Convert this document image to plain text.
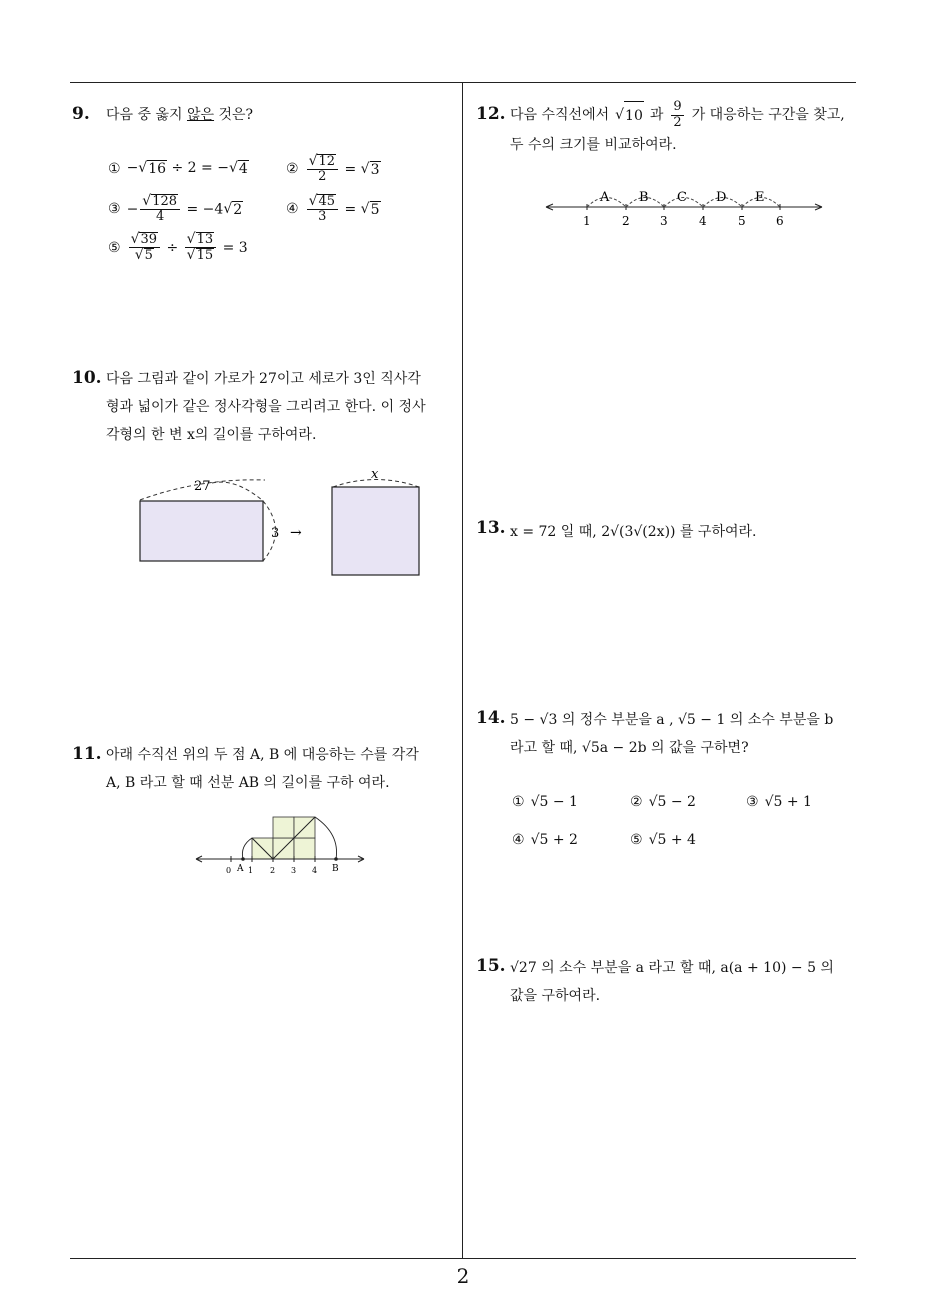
9. 다음 중 옳지 않은 것은?
① − √ 16 ÷ 2 = − √ 4	② $\frac{√ 12}{2}$ = √ 3
③ − $\frac{√ 128}{4} = -4$ √ 2	④ $\frac{√ 45}{3}$ = √ 5
⑤ $\frac{√ 39}{√ 5} \div \frac{√ 13}{√ 15} = 3$
10. 다음 그림과 같이 가로가 27이고 세로가 3인 직사각
형과 넓이가 같은 정사각형을 그리려고 한다. 이 정사
각형의 한 변 x의 길이를 구하여라.
27
3 →
x
11. 아래 수직선 위의 두 점 A, B 에 대응하는 수를 각각
A, B 라고 할 때 선분 AB 의 길이를 구하 여라.
0 1 2 3 4
A	B
12. 다음 수직선에서 √ 10 과 $\frac{9}{2}$ 가 대응하는 구간을 찾고,
두 수의 크기를 비교하여라.
A B C D E
1	2	3	4	5	6
13. x = 72 일 때, 2√(3√(2x)) 를 구하여라.
14. 5 − √3 의 정수 부분을 a , √5 − 1 의 소수 부분을 b
라고 할 때, √5a − 2b 의 값을 구하면?
① √5 − 1	② √5 − 2	③ √5 + 1
④ √5 + 2	⑤ √5 + 4
15. √27 의 소수 부분을 a 라고 할 때, a(a + 10) − 5 의
값을 구하여라.
2
